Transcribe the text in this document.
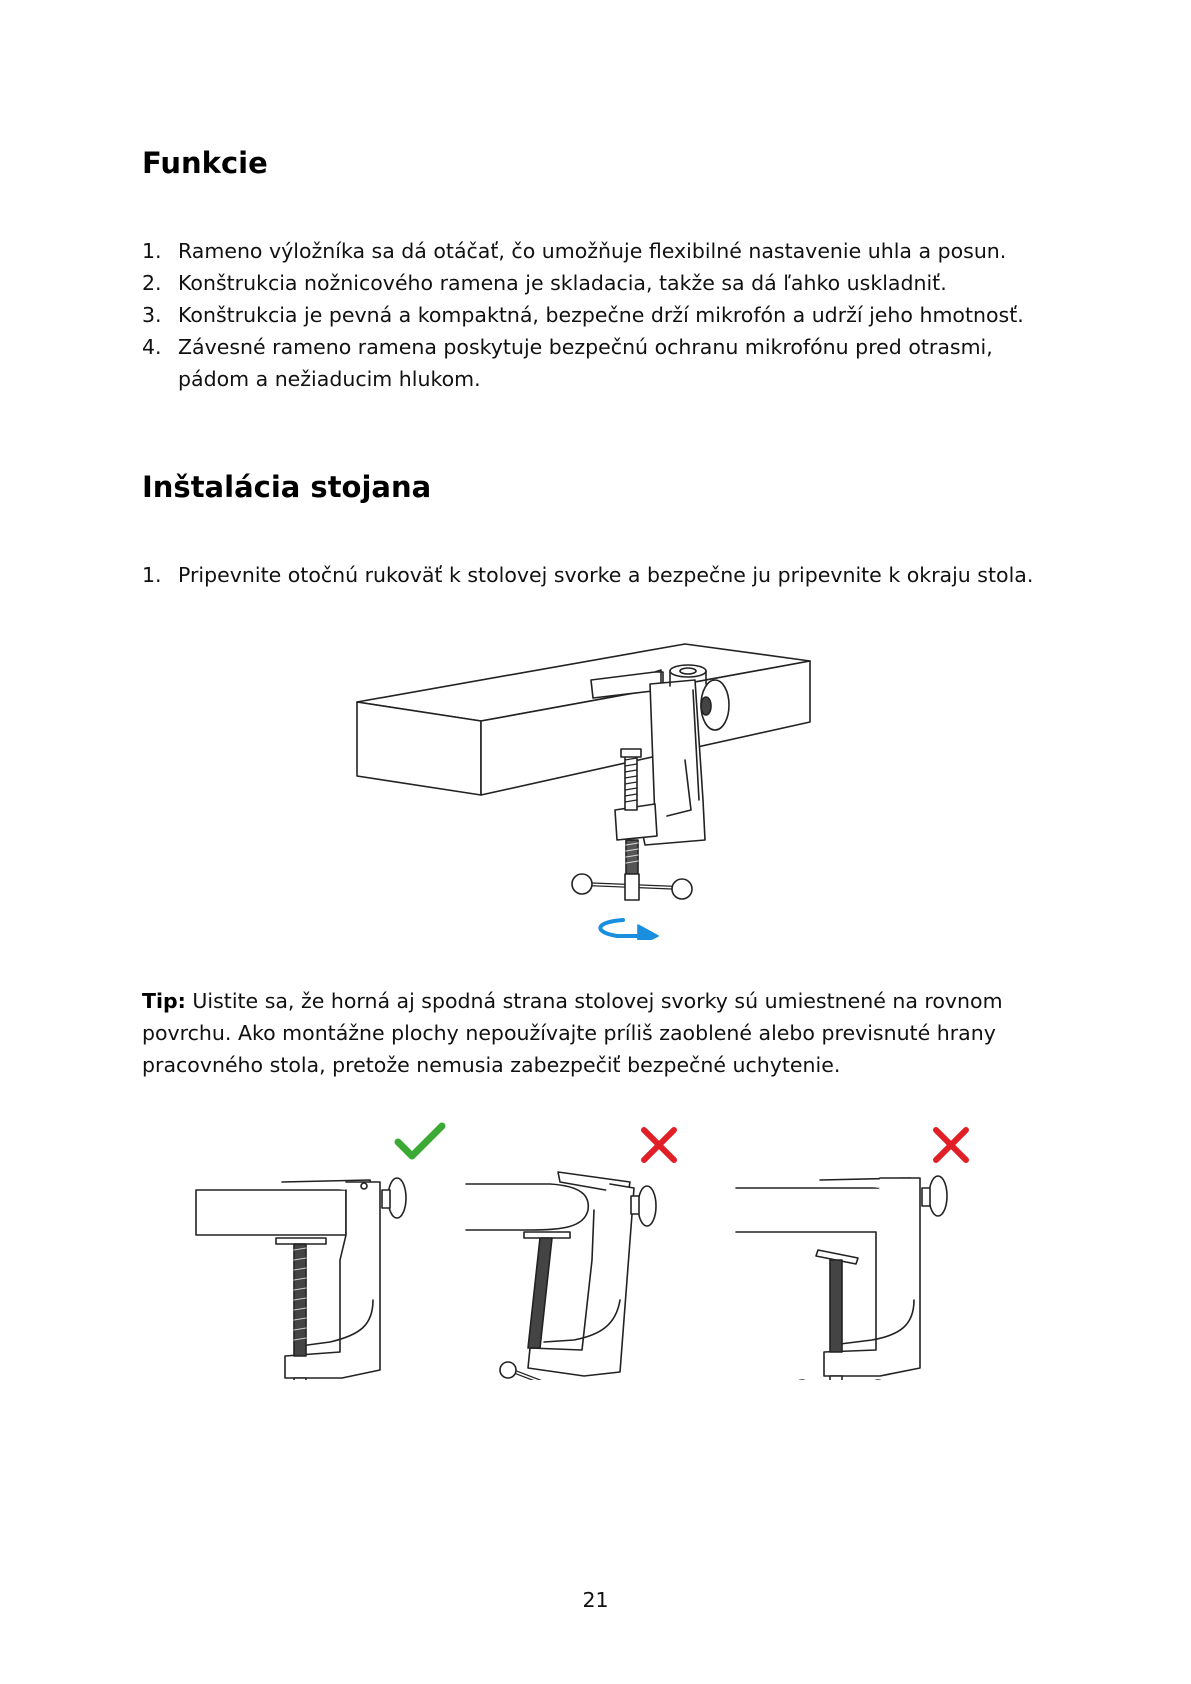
Funkcie
1. Rameno výložníka sa dá otáčať, čo umožňuje flexibilné nastavenie uhla a posun.
2. Konštrukcia nožnicového ramena je skladacia, takže sa dá ľahko uskladniť.
3. Konštrukcia je pevná a kompaktná, bezpečne drží mikrofón a udrží jeho hmotnosť.
4. Závesné rameno ramena poskytuje bezpečnú ochranu mikrofónu pred otrasmi, pádom a nežiaducim hlukom.
Inštalácia stojana
1. Pripevnite otočnú rukoväť k stolovej svorke a bezpečne ju pripevnite k okraju stola.

Tip: Uistite sa, že horná aj spodná strana stolovej svorky sú umiestnené na rovnom povrchu. Ako montážne plochy nepoužívajte príliš zaoblené alebo previsnuté hrany pracovného stola, pretože nemusia zabezpečiť bezpečné uchytenie.

21
